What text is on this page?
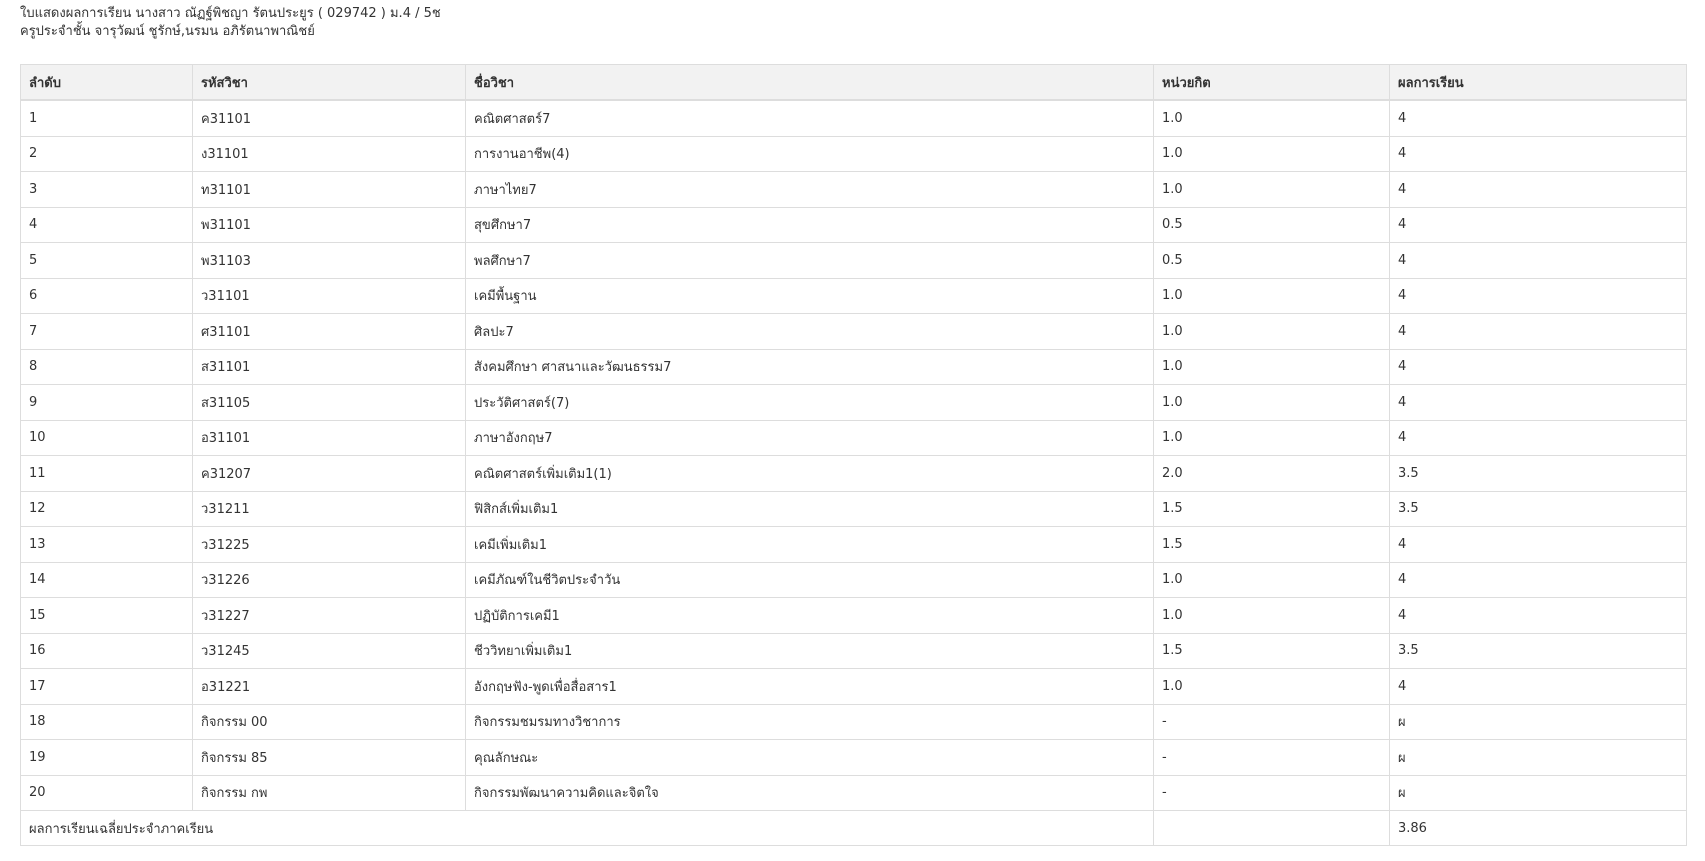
ใบแสดงผลการเรียน นางสาว ณัฏฐ์พิชญา รัตนประยูร ( 029742 ) ม.4 / 5ช
ครูประจำชั้น จารุวัฒน์ ชูรักษ์,นรมน อภิรัตนาพาณิชย์
ลำดับ	รหัสวิชา	ชื่อวิชา	หน่วยกิต	ผลการเรียน
1	ค31101	คณิตศาสตร์7	1.0	4
2	ง31101	การงานอาชีพ(4)	1.0	4
3	ท31101	ภาษาไทย7	1.0	4
4	พ31101	สุขศึกษา7	0.5	4
5	พ31103	พลศึกษา7	0.5	4
6	ว31101	เคมีพื้นฐาน	1.0	4
7	ศ31101	ศิลปะ7	1.0	4
8	ส31101	สังคมศึกษา ศาสนาและวัฒนธรรม7	1.0	4
9	ส31105	ประวัติศาสตร์(7)	1.0	4
10	อ31101	ภาษาอังกฤษ7	1.0	4
11	ค31207	คณิตศาสตร์เพิ่มเติม1(1)	2.0	3.5
12	ว31211	ฟิสิกส์เพิ่มเติม1	1.5	3.5
13	ว31225	เคมีเพิ่มเติม1	1.5	4
14	ว31226	เคมีภัณฑ์ในชีวิตประจำวัน	1.0	4
15	ว31227	ปฏิบัติการเคมี1	1.0	4
16	ว31245	ชีววิทยาเพิ่มเติม1	1.5	3.5
17	อ31221	อังกฤษฟัง-พูดเพื่อสื่อสาร1	1.0	4
18	กิจกรรม 00	กิจกรรมชมรมทางวิชาการ	-	ผ
19	กิจกรรม 85	คุณลักษณะ	-	ผ
20	กิจกรรม กพ	กิจกรรมพัฒนาความคิดและจิตใจ	-	ผ
ผลการเรียนเฉลี่ยประจำภาคเรียน				3.86
